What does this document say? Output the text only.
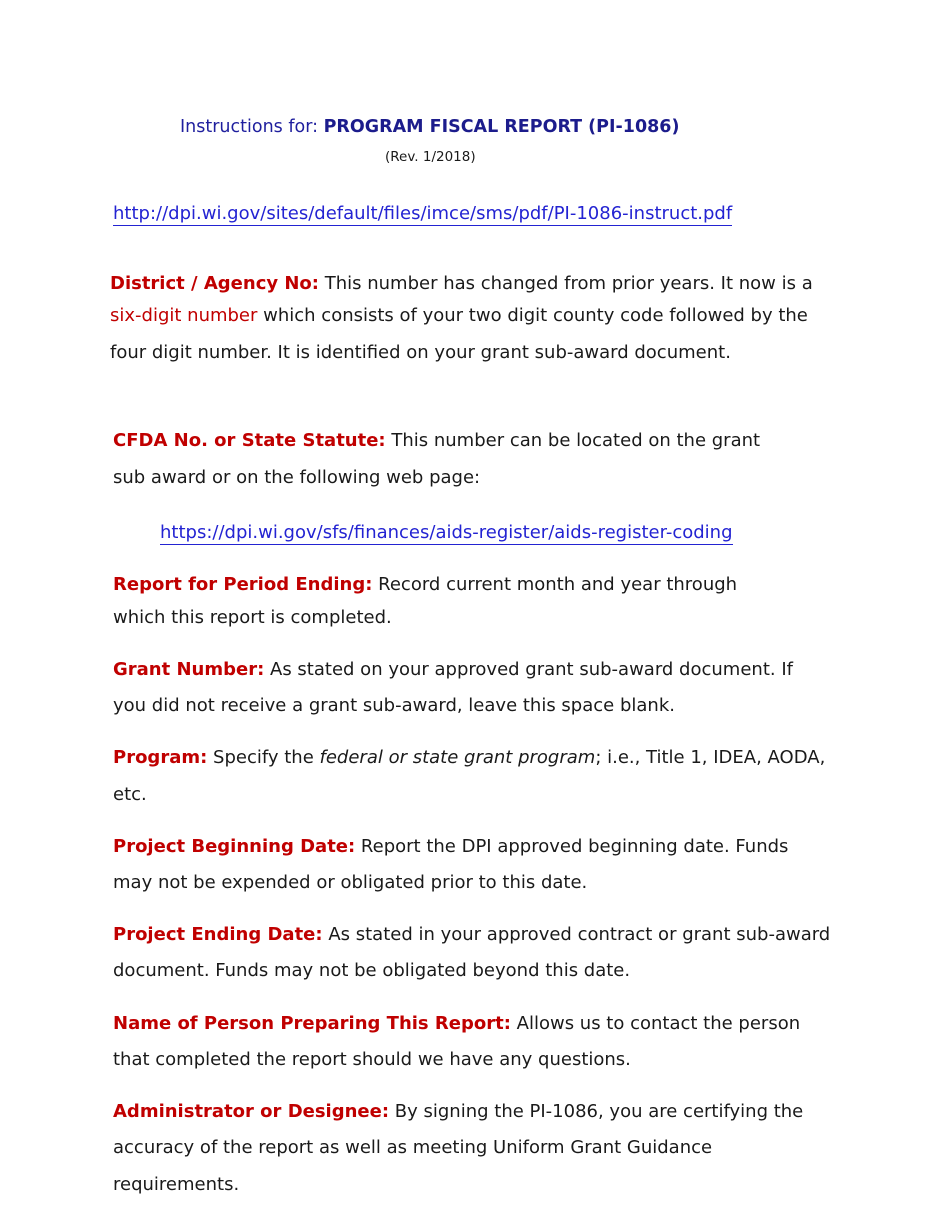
Instructions for: PROGRAM FISCAL REPORT (PI-1086)
(Rev. 1/2018)
http://dpi.wi.gov/sites/default/files/imce/sms/pdf/PI-1086-instruct.pdf
District / Agency No: This number has changed from prior years. It now is a
six-digit number which consists of your two digit county code followed by the
four digit number. It is identified on your grant sub-award document.
CFDA No. or State Statute: This number can be located on the grant
sub award or on the following web page:
https://dpi.wi.gov/sfs/finances/aids-register/aids-register-coding
Report for Period Ending: Record current month and year through
which this report is completed.
Grant Number: As stated on your approved grant sub-award document. If
you did not receive a grant sub-award, leave this space blank.
Program: Specify the federal or state grant program; i.e., Title 1, IDEA, AODA,
etc.
Project Beginning Date: Report the DPI approved beginning date. Funds
may not be expended or obligated prior to this date.
Project Ending Date: As stated in your approved contract or grant sub-award
document. Funds may not be obligated beyond this date.
Name of Person Preparing This Report: Allows us to contact the person
that completed the report should we have any questions.
Administrator or Designee: By signing the PI-1086, you are certifying the
accuracy of the report as well as meeting Uniform Grant Guidance
requirements.
